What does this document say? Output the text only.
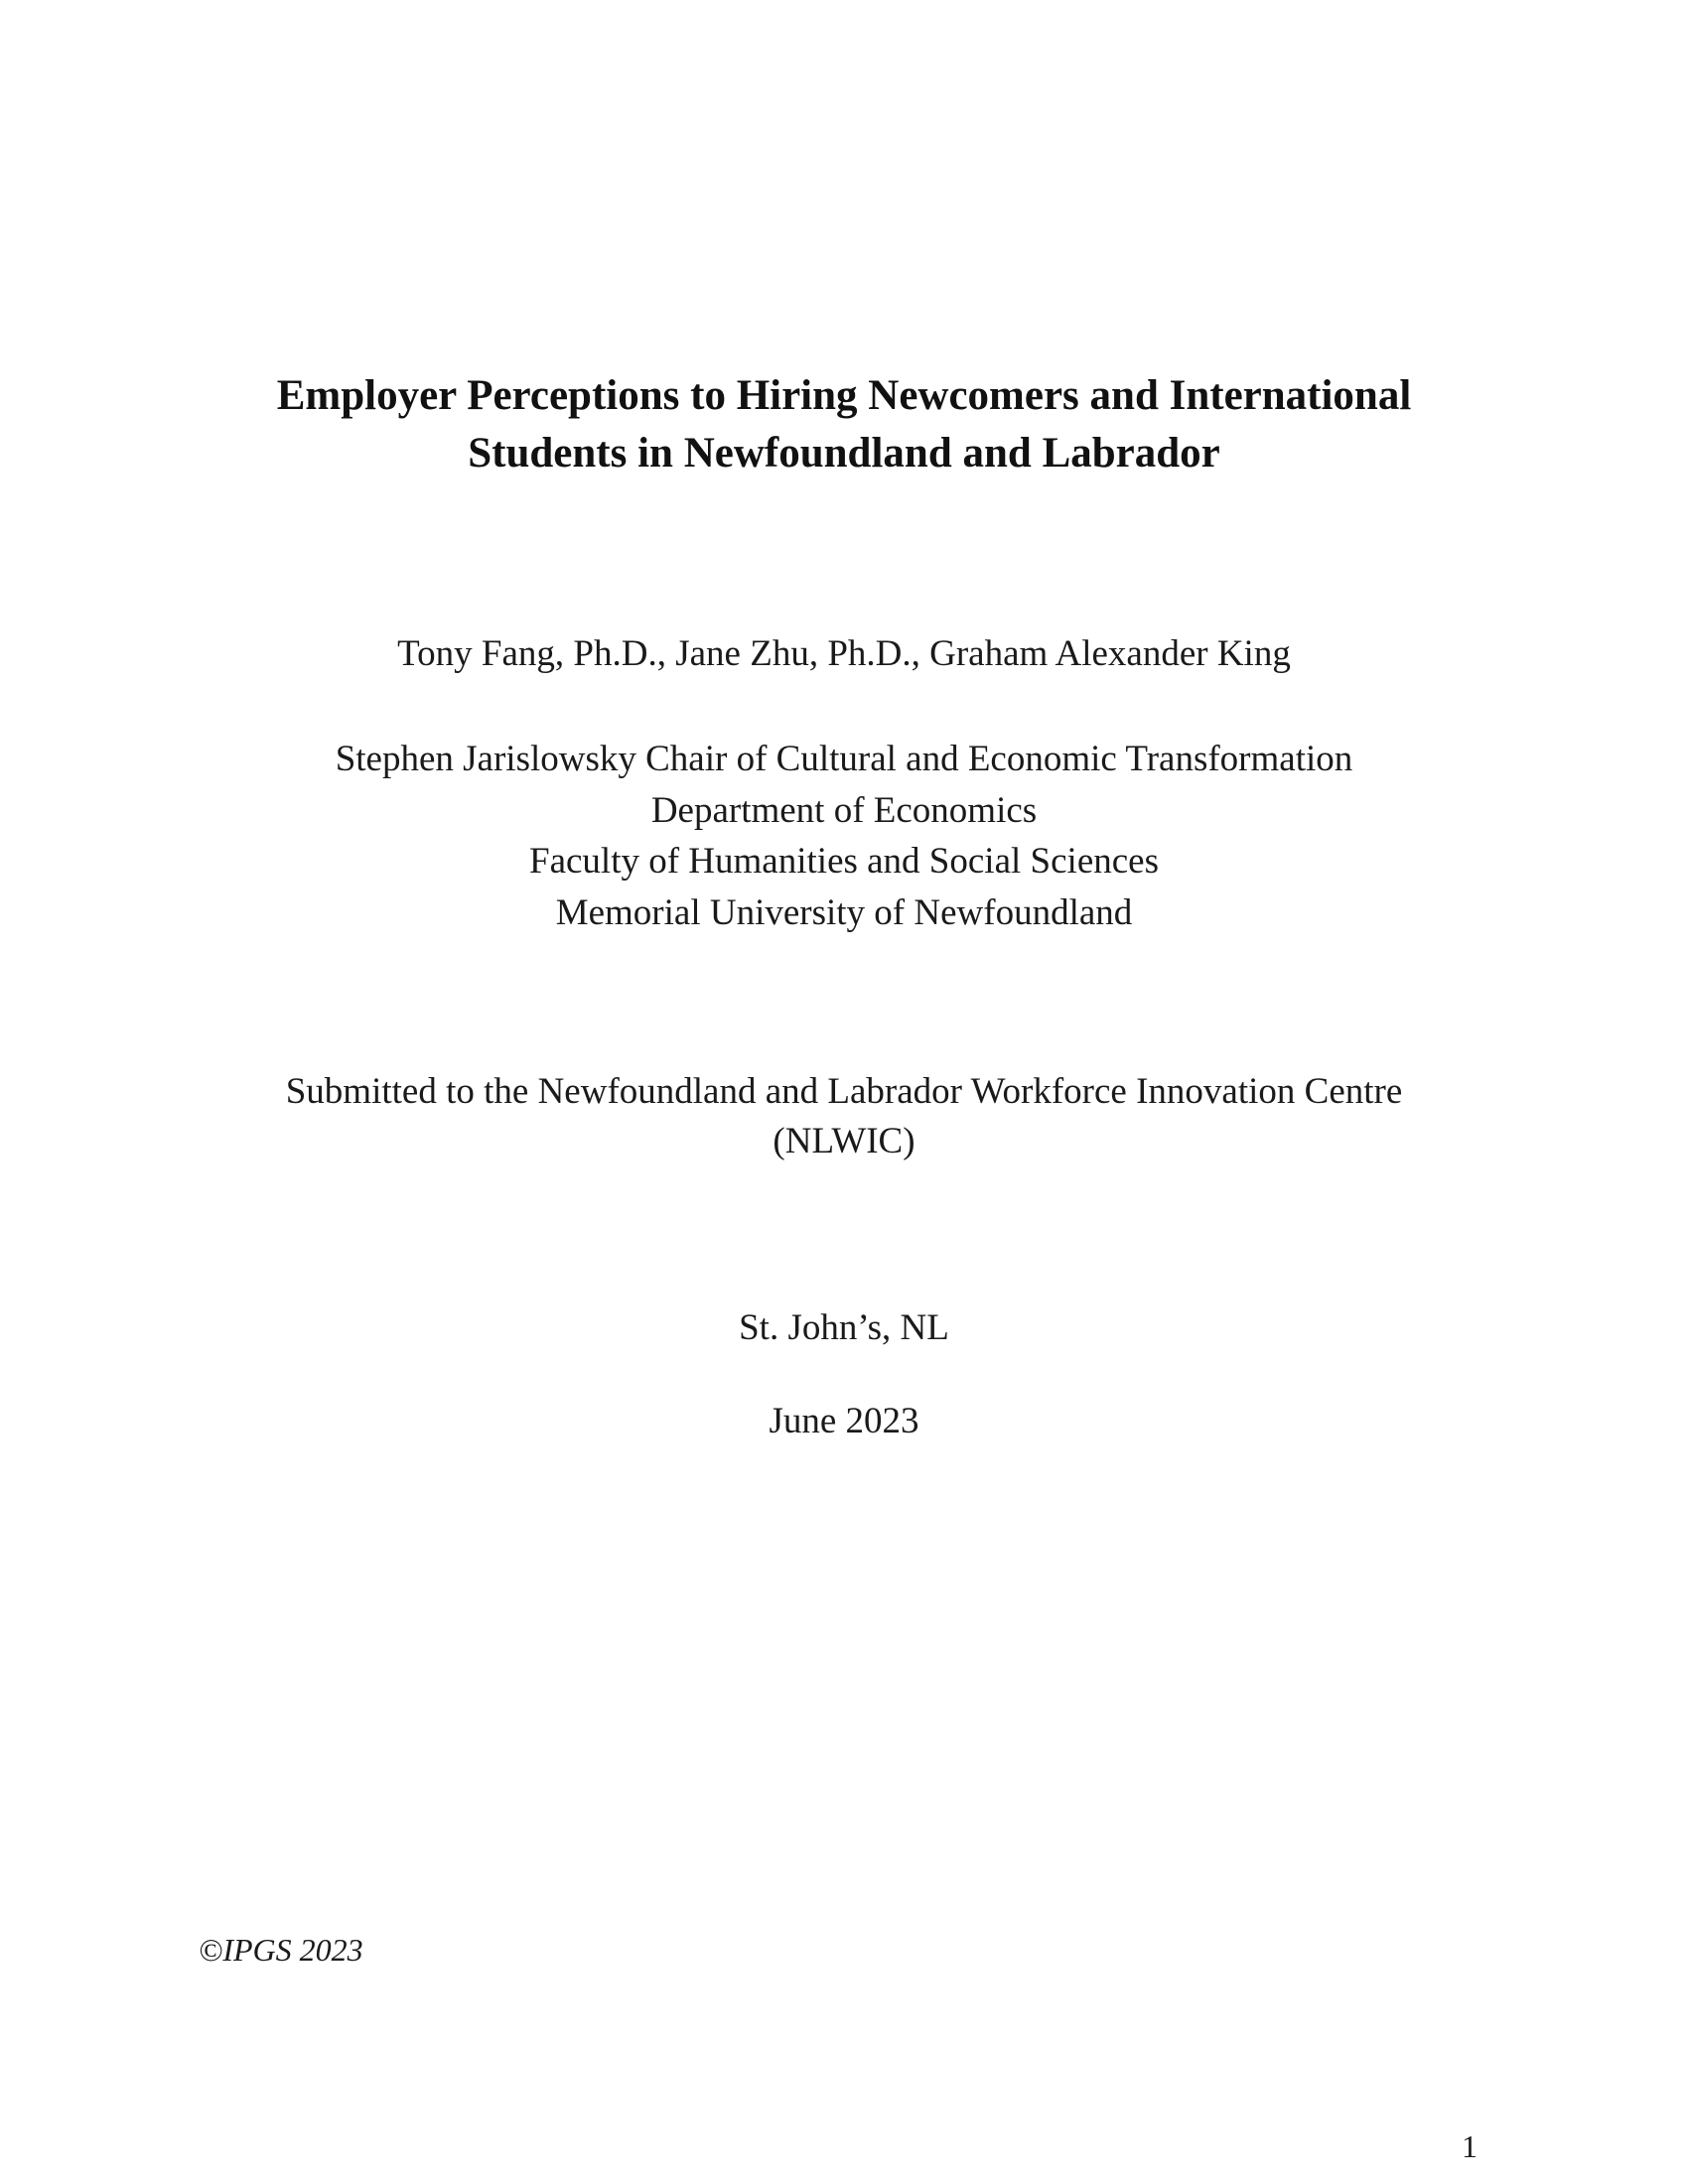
Employer Perceptions to Hiring Newcomers and International
Students in Newfoundland and Labrador
Tony Fang, Ph.D., Jane Zhu, Ph.D., Graham Alexander King
Stephen Jarislowsky Chair of Cultural and Economic Transformation
Department of Economics
Faculty of Humanities and Social Sciences
Memorial University of Newfoundland
Submitted to the Newfoundland and Labrador Workforce Innovation Centre
(NLWIC)
St. John’s, NL
June 2023
©IPGS 2023
1
